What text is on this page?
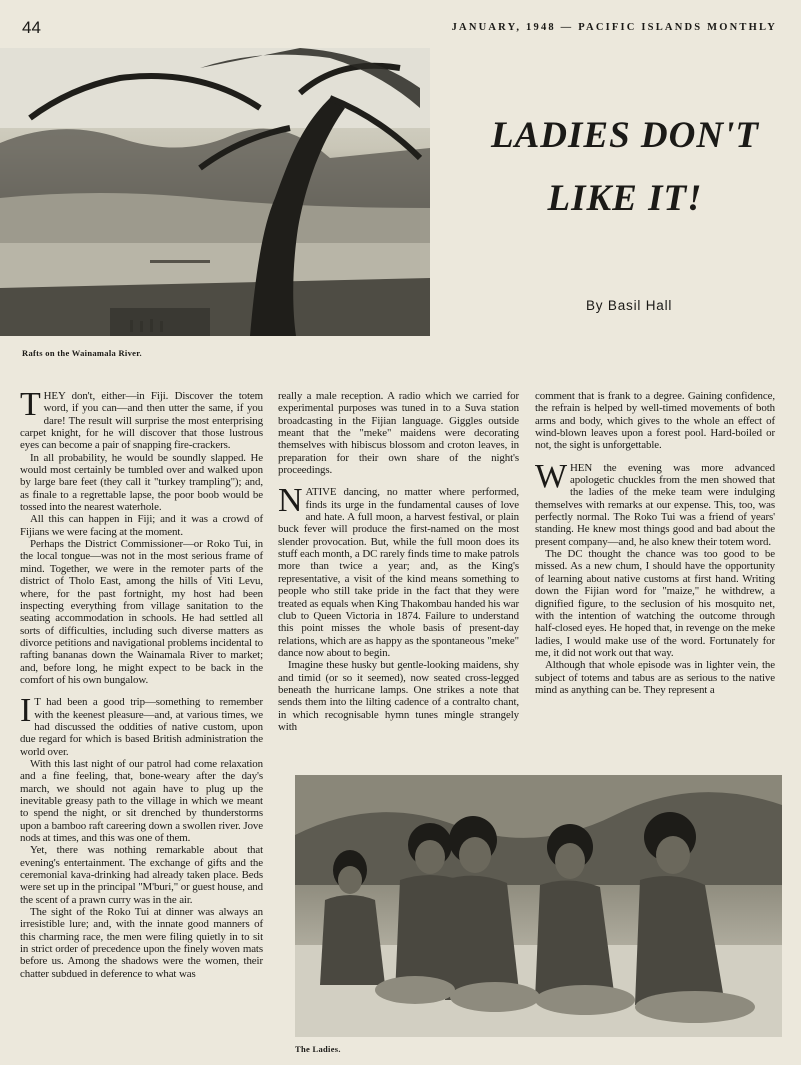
44	JANUARY, 1948 — PACIFIC ISLANDS MONTHLY
Rafts on the Wainamala River.
LADIES DON'T
LIKE IT!
By Basil Hall

THEY don't, either—in Fiji. Discover the totem word, if you can—and then utter the same, if you dare! The result will surprise the most enterprising carpet knight, for he will discover that those lustrous eyes can become a pair of snapping fire-crackers.

In all probability, he would be soundly slapped. He would most certainly be tumbled over and walked upon by large bare feet (they call it "turkey trampling"); and, as finale to a regrettable lapse, the poor boob would be tossed into the nearest waterhole.

All this can happen in Fiji; and it was a crowd of Fijians we were facing at the moment.

Perhaps the District Commissioner—or Roko Tui, in the local tongue—was not in the most serious frame of mind. Together, we were in the remoter parts of the district of Tholo East, among the hills of Viti Levu, where, for the past fortnight, my host had been inspecting everything from village sanitation to the seating accommodation in schools. He had settled all sorts of difficulties, including such diverse matters as divorce petitions and navigational problems incidental to rafting bananas down the Wainamala River to market; and, before long, he might expect to be back in the comfort of his own bungalow.

I T had been a good trip—something to remember with the keenest pleasure—and, at various times, we had discussed the oddities of native custom, upon due regard for which is based British administration the world over.

With this last night of our patrol had come relaxation and a fine feeling, that, bone-weary after the day's march, we should not again have to plug up the inevitable greasy path to the village in which we meant to spend the night, or sit drenched by thunderstorms upon a bamboo raft careering down a swollen river. Jove nods at times, and this was one of them.

Yet, there was nothing remarkable about that evening's entertainment. The exchange of gifts and the ceremonial kava-drinking had already taken place. Beds were set up in the principal "M'buri," or guest house, and the scent of a prawn curry was in the air.

The sight of the Roko Tui at dinner was always an irresistible lure; and, with the innate good manners of this charming race, the men were filing quietly in to sit in strict order of precedence upon the finely woven mats before us. Among the shadows were the women, their chatter subdued in deference to what was

really a male reception. A radio which we carried for experimental purposes was tuned in to a Suva station broadcasting in the Fijian language. Giggles outside meant that the "meke" maidens were decorating themselves with hibiscus blossom and croton leaves, in preparation for their own share of the night's proceedings.

NATIVE dancing, no matter where performed, finds its urge in the fundamental causes of love and hate. A full moon, a harvest festival, or plain buck fever will produce the first-named on the most slender provocation. But, while the full moon does its stuff each month, a DC rarely finds time to make patrols more than twice a year; and, as the King's representative, a visit of the kind means something to people who still take pride in the fact that they were treated as equals when King Thakombau handed his war club to Queen Victoria in 1874. Failure to understand this point misses the whole basis of present-day relations, which are as happy as the spontaneous "meke" dance now about to begin.

Imagine these husky but gentle-looking maidens, shy and timid (or so it seemed), now seated cross-legged beneath the hurricane lamps. One strikes a note that sends them into the lilting cadence of a contralto chant, in which recognisable hymn tunes mingle strangely with

comment that is frank to a degree. Gaining confidence, the refrain is helped by well-timed movements of both arms and body, which gives to the whole an effect of wind-blown leaves upon a forest pool. Hard-boiled or not, the sight is unforgettable.

WHEN the evening was more advanced apologetic chuckles from the men showed that the ladies of the meke team were indulging themselves with remarks at our expense. This, too, was perfectly normal. The Roko Tui was a friend of years' standing. He knew most things good and bad about the present company—and, he also knew their totem word.

The DC thought the chance was too good to be missed. As a new chum, I should have the opportunity of learning about native customs at first hand. Writing down the Fijian word for "maize," he withdrew, a dignified figure, to the seclusion of his mosquito net, with the intention of watching the outcome through half-closed eyes. He hoped that, in revenge on the meke ladies, I would make use of the word. Fortunately for me, it did not work out that way.

Although that whole episode was in lighter vein, the subject of totems and tabus are as serious to the native mind as anything can be. They represent a

The Ladies.
